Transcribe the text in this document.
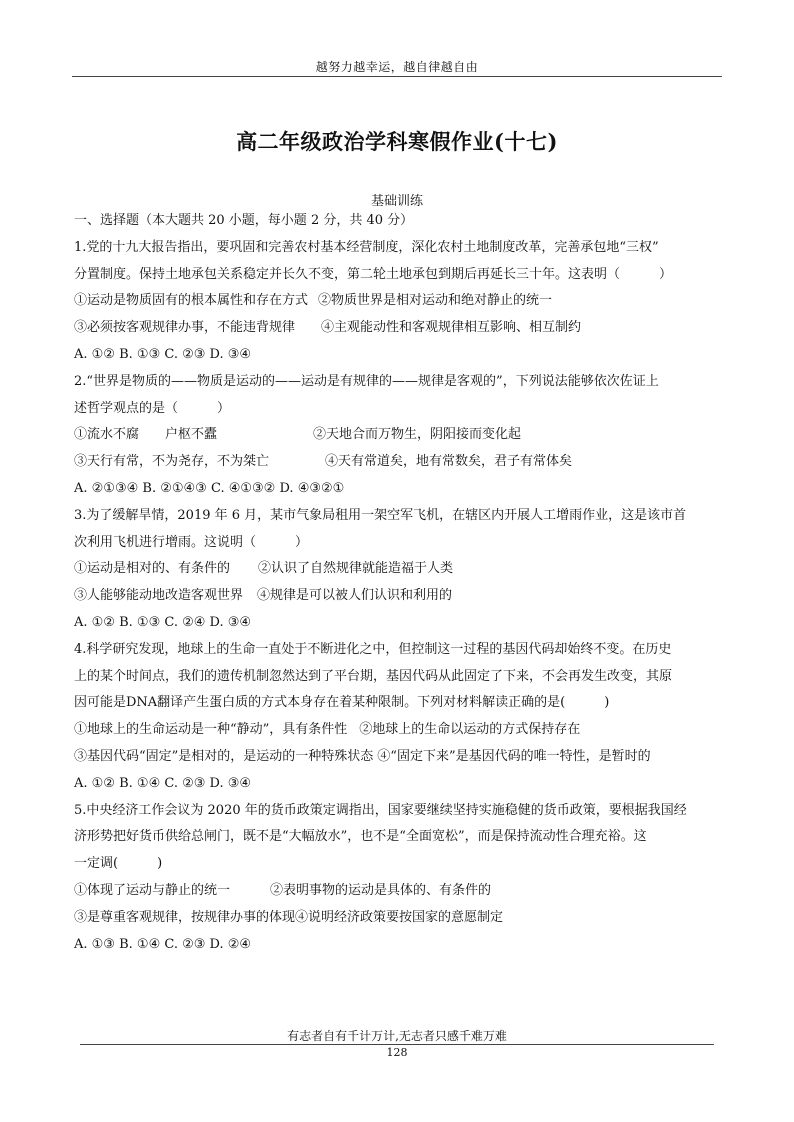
越努力越幸运，越自律越自由
高二年级政治学科寒假作业(十七)
基础训练
一、选择题（本大题共 20 小题，每小题 2 分，共 40 分）
1.党的十九大报告指出，要巩固和完善农村基本经营制度，深化农村土地制度改革，完善承包地“三权”
分置制度。保持土地承包关系稳定并长久不变，第二轮土地承包到期后再延长三十年。这表明（　　　）
①运动是物质固有的根本属性和存在方式 ②物质世界是相对运动和绝对静止的统一
③必须按客观规律办事，不能违背规律 ④主观能动性和客观规律相互影响、相互制约
A. ①② B. ①③ C. ②③ D. ③④
2.“世界是物质的——物质是运动的——运动是有规律的——规律是客观的”，下列说法能够依次佐证上
述哲学观点的是（　　　）
①流水不腐　　户枢不蠹	②天地合而万物生，阴阳接而变化起
③天行有常，不为尧存，不为桀亡	④天有常道矣，地有常数矣，君子有常体矣
A. ②①③④ B. ②①④③ C. ④①③② D. ④③②①
3.为了缓解旱情，2019 年 6 月，某市气象局租用一架空军飞机，在辖区内开展人工增雨作业，这是该市首
次利用飞机进行增雨。这说明（　　　）
①运动是相对的、有条件的 ②认识了自然规律就能造福于人类
③人能够能动地改造客观世界 ④规律是可以被人们认识和利用的
A. ①② B. ①③ C. ②④ D. ③④
4.科学研究发现，地球上的生命一直处于不断进化之中，但控制这一过程的基因代码却始终不变。在历史
上的某个时间点，我们的遗传机制忽然达到了平台期，基因代码从此固定了下来，不会再发生改变，其原
因可能是DNA翻译产生蛋白质的方式本身存在着某种限制。下列对材料解读正确的是(　　　)
①地球上的生命运动是一种“静动”，具有条件性 ②地球上的生命以运动的方式保持存在
③基因代码“固定”是相对的，是运动的一种特殊状态 ④“固定下来”是基因代码的唯一特性，是暂时的
A. ①② B. ①④ C. ②③ D. ③④
5.中央经济工作会议为 2020 年的货币政策定调指出，国家要继续坚持实施稳健的货币政策，要根据我国经
济形势把好货币供给总闸门，既不是“大幅放水”，也不是“全面宽松”，而是保持流动性合理充裕。这
一定调(　　　)
①体现了运动与静止的统一	②表明事物的运动是具体的、有条件的
③是尊重客观规律，按规律办事的体现④说明经济政策要按国家的意愿制定
A. ①③ B. ①④ C. ②③ D. ②④
有志者自有千计万计,无志者只感千难万难
128
